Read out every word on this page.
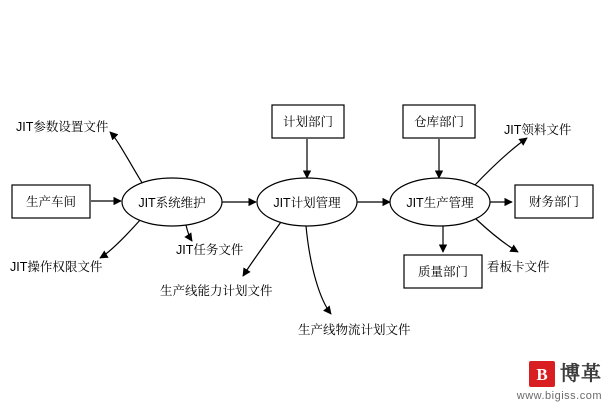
生产车间
计划部门	仓库部门
财务部门
质量部门
JIT系统维护	JIT计划管理	JIT生产管理
JIT参数设置文件
JIT操作权限文件
JIT任务文件
生产线能力计划文件
生产线物流计划文件
JIT领料文件
看板卡文件
B 博革
www.bigiss.com
